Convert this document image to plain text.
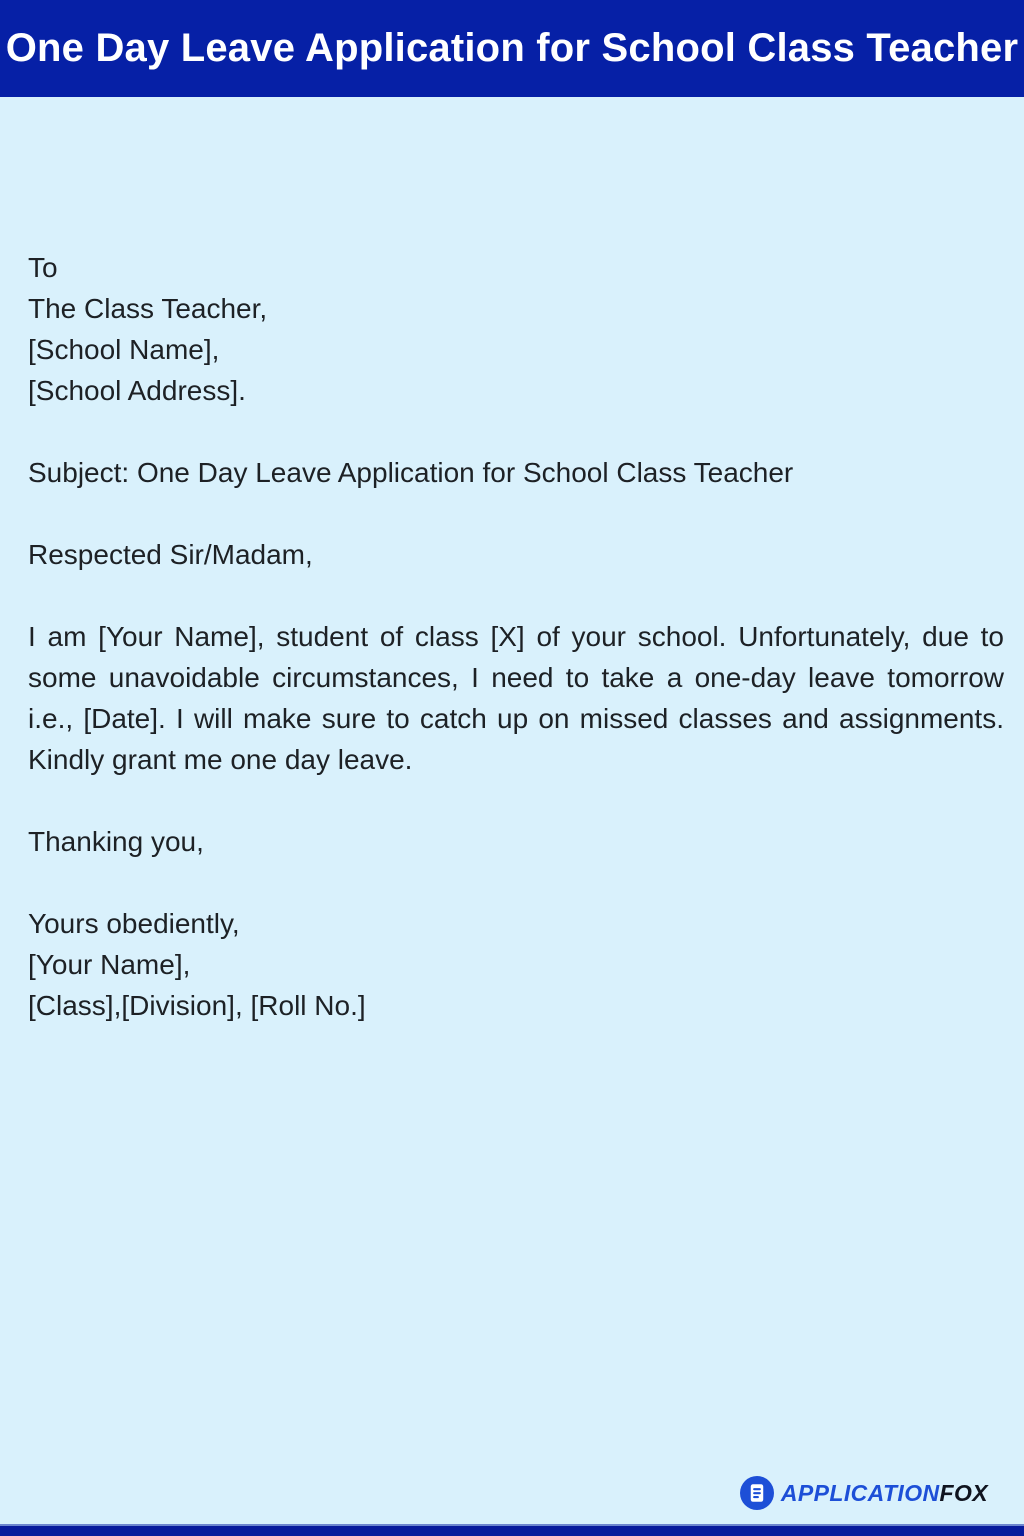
One Day Leave Application for School Class Teacher
To
The Class Teacher,
[School Name],
[School Address].

Subject: One Day Leave Application for School Class Teacher

Respected Sir/Madam,

I am [Your Name], student of class [X] of your school. Unfortunately, due to some unavoidable circumstances, I need to take a one-day leave tomorrow i.e., [Date]. I will make sure to catch up on missed classes and assignments. Kindly grant me one day leave.

Thanking you,

Yours obediently,
[Your Name],
[Class],[Division], [Roll No.]
APPLICATIONFOX
